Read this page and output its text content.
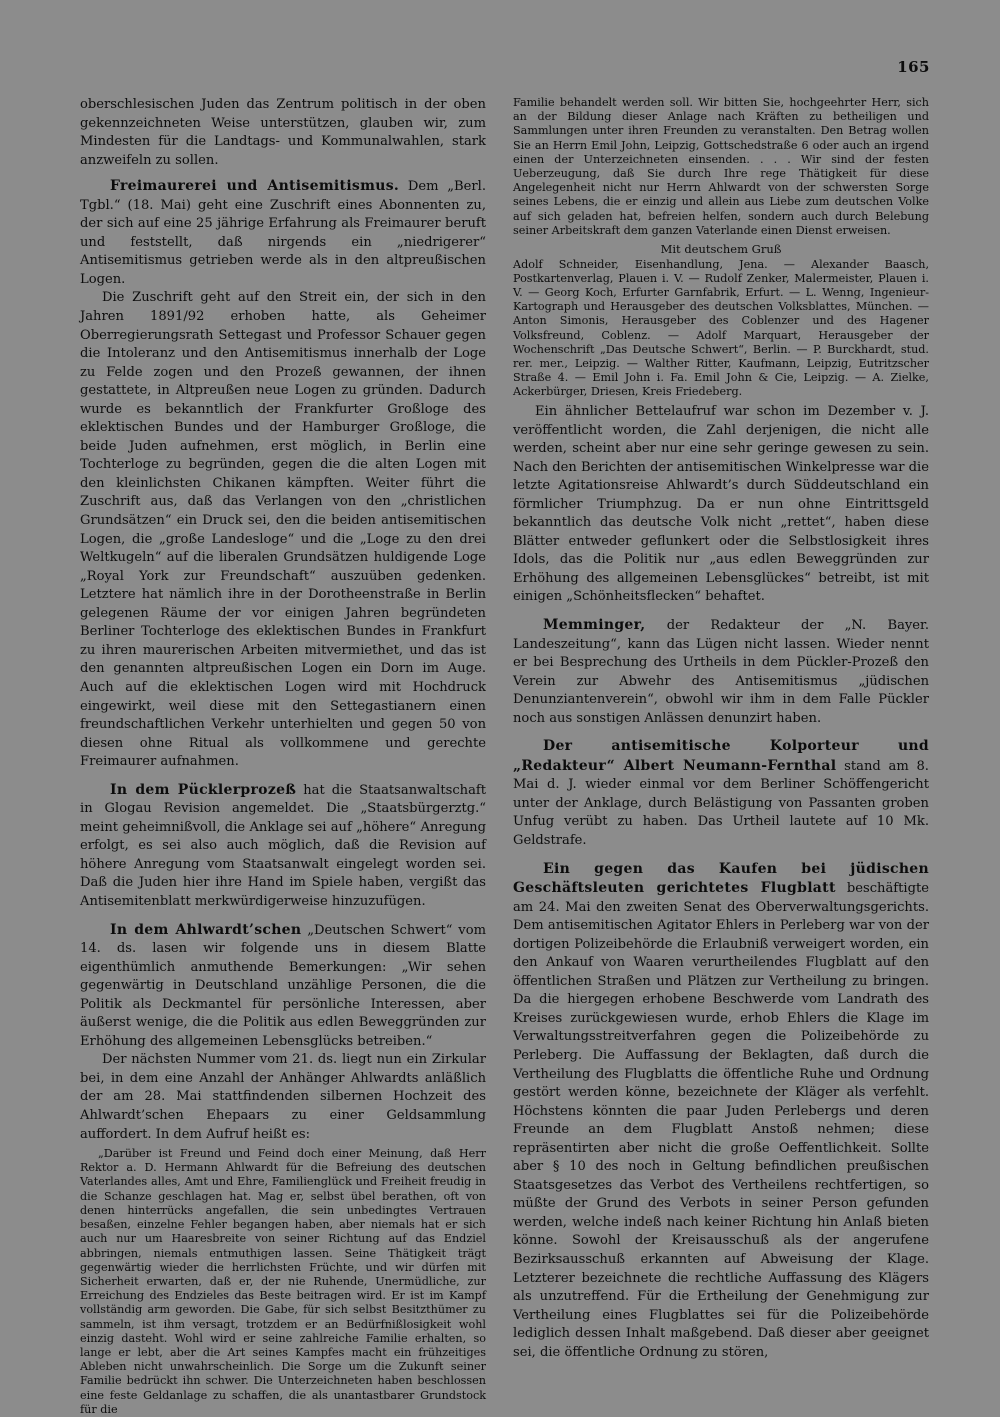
165

oberschlesischen Juden das Zentrum politisch in der oben gekennzeichneten Weise unterstützen, glauben wir, zum Mindesten für die Landtags- und Kommunalwahlen, stark anzweifeln zu sollen.

Freimaurerei und Antisemitismus. Dem „Berl. Tgbl.“ (18. Mai) geht eine Zuschrift eines Abonnenten zu, der sich auf eine 25 jährige Erfahrung als Freimaurer beruft und feststellt, daß nirgends ein „niedrigerer“ Antisemitismus getrieben werde als in den altpreußischen Logen.

Die Zuschrift geht auf den Streit ein, der sich in den Jahren 1891/92 erhoben hatte, als Geheimer Oberregierungsrath Settegast und Professor Schauer gegen die Intoleranz und den Antisemitismus innerhalb der Loge zu Felde zogen und den Prozeß gewannen, der ihnen gestattete, in Altpreußen neue Logen zu gründen. Dadurch wurde es bekanntlich der Frankfurter Großloge des eklektischen Bundes und der Hamburger Großloge, die beide Juden aufnehmen, erst möglich, in Berlin eine Tochterloge zu begründen, gegen die die alten Logen mit den kleinlichsten Chikanen kämpften. Weiter führt die Zuschrift aus, daß das Verlangen von den „christlichen Grundsätzen“ ein Druck sei, den die beiden antisemitischen Logen, die „große Landesloge“ und die „Loge zu den drei Weltkugeln“ auf die liberalen Grundsätzen huldigende Loge „Royal York zur Freundschaft“ auszuüben gedenken. Letztere hat nämlich ihre in der Dorotheenstraße in Berlin gelegenen Räume der vor einigen Jahren begründeten Berliner Tochterloge des eklektischen Bundes in Frankfurt zu ihren maurerischen Arbeiten mitvermiethet, und das ist den genannten altpreußischen Logen ein Dorn im Auge. Auch auf die eklektischen Logen wird mit Hochdruck eingewirkt, weil diese mit den Settegastianern einen freundschaftlichen Verkehr unterhielten und gegen 50 von diesen ohne Ritual als vollkommene und gerechte Freimaurer aufnahmen.

In dem Pücklerprozeß hat die Staatsanwaltschaft in Glogau Revision angemeldet. Die „Staatsbürgerztg.“ meint geheimnißvoll, die Anklage sei auf „höhere“ Anregung erfolgt, es sei also auch möglich, daß die Revision auf höhere Anregung vom Staatsanwalt eingelegt worden sei. Daß die Juden hier ihre Hand im Spiele haben, vergißt das Antisemitenblatt merkwürdigerweise hinzuzufügen.

In dem Ahlwardt’schen „Deutschen Schwert“ vom 14. ds. lasen wir folgende uns in diesem Blatte eigenthümlich anmuthende Bemerkungen: „Wir sehen gegenwärtig in Deutschland unzählige Personen, die die Politik als Deckmantel für persönliche Interessen, aber äußerst wenige, die die Politik aus edlen Beweggründen zur Erhöhung des allgemeinen Lebensglücks betreiben.“

Der nächsten Nummer vom 21. ds. liegt nun ein Zirkular bei, in dem eine Anzahl der Anhänger Ahlwardts anläßlich der am 28. Mai stattfindenden silbernen Hochzeit des Ahlwardt’schen Ehepaars zu einer Geldsammlung auffordert. In dem Aufruf heißt es:

„Darüber ist Freund und Feind doch einer Meinung, daß Herr Rektor a. D. Hermann Ahlwardt für die Befreiung des deutschen Vaterlandes alles, Amt und Ehre, Familienglück und Freiheit freudig in die Schanze geschlagen hat. Mag er, selbst übel berathen, oft von denen hinterrücks angefallen, die sein unbedingtes Vertrauen besaßen, einzelne Fehler begangen haben, aber niemals hat er sich auch nur um Haaresbreite von seiner Richtung auf das Endziel abbringen, niemals entmuthigen lassen. Seine Thätigkeit trägt gegenwärtig wieder die herrlichsten Früchte, und wir dürfen mit Sicherheit erwarten, daß er, der nie Ruhende, Unermüdliche, zur Erreichung des Endzieles das Beste beitragen wird. Er ist im Kampf vollständig arm geworden. Die Gabe, für sich selbst Besitzthümer zu sammeln, ist ihm versagt, trotzdem er an Bedürfnißlosigkeit wohl einzig dasteht. Wohl wird er seine zahlreiche Familie erhalten, so lange er lebt, aber die Art seines Kampfes macht ein frühzeitiges Ableben nicht unwahrscheinlich. Die Sorge um die Zukunft seiner Familie bedrückt ihn schwer. Die Unterzeichneten haben beschlossen eine feste Geldanlage zu schaffen, die als unantastbarer Grundstock für die

Familie behandelt werden soll. Wir bitten Sie, hochgeehrter Herr, sich an der Bildung dieser Anlage nach Kräften zu betheiligen und Sammlungen unter ihren Freunden zu veranstalten. Den Betrag wollen Sie an Herrn Emil John, Leipzig, Gottschedstraße 6 oder auch an irgend einen der Unterzeichneten einsenden. . . . Wir sind der festen Ueberzeugung, daß Sie durch Ihre rege Thätigkeit für diese Angelegenheit nicht nur Herrn Ahlwardt von der schwersten Sorge seines Lebens, die er einzig und allein aus Liebe zum deutschen Volke auf sich geladen hat, befreien helfen, sondern auch durch Belebung seiner Arbeitskraft dem ganzen Vaterlande einen Dienst erweisen.

Mit deutschem Gruß

Adolf Schneider, Eisenhandlung, Jena. — Alexander Baasch, Postkartenverlag, Plauen i. V. — Rudolf Zenker, Malermeister, Plauen i. V. — Georg Koch, Erfurter Garnfabrik, Erfurt. — L. Wenng, Ingenieur-Kartograph und Herausgeber des deutschen Volksblattes, München. — Anton Simonis, Herausgeber des Coblenzer und des Hagener Volksfreund, Coblenz. — Adolf Marquart, Herausgeber der Wochenschrift „Das Deutsche Schwert“, Berlin. — P. Burckhardt, stud. rer. mer., Leipzig. — Walther Ritter, Kaufmann, Leipzig, Eutritzscher Straße 4. — Emil John i. Fa. Emil John & Cie, Leipzig. — A. Zielke, Ackerbürger, Driesen, Kreis Friedeberg.

Ein ähnlicher Bettelaufruf war schon im Dezember v. J. veröffentlicht worden, die Zahl derjenigen, die nicht alle werden, scheint aber nur eine sehr geringe gewesen zu sein. Nach den Berichten der antisemitischen Winkelpresse war die letzte Agitationsreise Ahlwardt’s durch Süddeutschland ein förmlicher Triumphzug. Da er nun ohne Eintrittsgeld bekanntlich das deutsche Volk nicht „rettet“, haben diese Blätter entweder geflunkert oder die Selbstlosigkeit ihres Idols, das die Politik nur „aus edlen Beweggründen zur Erhöhung des allgemeinen Lebensglückes“ betreibt, ist mit einigen „Schönheitsflecken“ behaftet.

Memminger, der Redakteur der „N. Bayer. Landeszeitung“, kann das Lügen nicht lassen. Wieder nennt er bei Besprechung des Urtheils in dem Pückler-Prozeß den Verein zur Abwehr des Antisemitismus „jüdischen Denunziantenverein“, obwohl wir ihm in dem Falle Pückler noch aus sonstigen Anlässen denunzirt haben.

Der antisemitische Kolporteur und „Redakteur“ Albert Neumann-Fernthal stand am 8. Mai d. J. wieder einmal vor dem Berliner Schöffengericht unter der Anklage, durch Belästigung von Passanten groben Unfug verübt zu haben. Das Urtheil lautete auf 10 Mk. Geldstrafe.

Ein gegen das Kaufen bei jüdischen Geschäftsleuten gerichtetes Flugblatt beschäftigte am 24. Mai den zweiten Senat des Oberverwaltungsgerichts. Dem antisemitischen Agitator Ehlers in Perleberg war von der dortigen Polizeibehörde die Erlaubniß verweigert worden, ein den Ankauf von Waaren verurtheilendes Flugblatt auf den öffentlichen Straßen und Plätzen zur Vertheilung zu bringen. Da die hiergegen erhobene Beschwerde vom Landrath des Kreises zurückgewiesen wurde, erhob Ehlers die Klage im Verwaltungsstreitverfahren gegen die Polizeibehörde zu Perleberg. Die Auffassung der Beklagten, daß durch die Vertheilung des Flugblatts die öffentliche Ruhe und Ordnung gestört werden könne, bezeichnete der Kläger als verfehlt. Höchstens könnten die paar Juden Perlebergs und deren Freunde an dem Flugblatt Anstoß nehmen; diese repräsentirten aber nicht die große Oeffentlichkeit. Sollte aber § 10 des noch in Geltung befindlichen preußischen Staatsgesetzes das Verbot des Vertheilens rechtfertigen, so müßte der Grund des Verbots in seiner Person gefunden werden, welche indeß nach keiner Richtung hin Anlaß bieten könne. Sowohl der Kreisausschuß als der angerufene Bezirksausschuß erkannten auf Abweisung der Klage. Letzterer bezeichnete die rechtliche Auffassung des Klägers als unzutreffend. Für die Ertheilung der Genehmigung zur Vertheilung eines Flugblattes sei für die Polizeibehörde lediglich dessen Inhalt maßgebend. Daß dieser aber geeignet sei, die öffentliche Ordnung zu stören,
